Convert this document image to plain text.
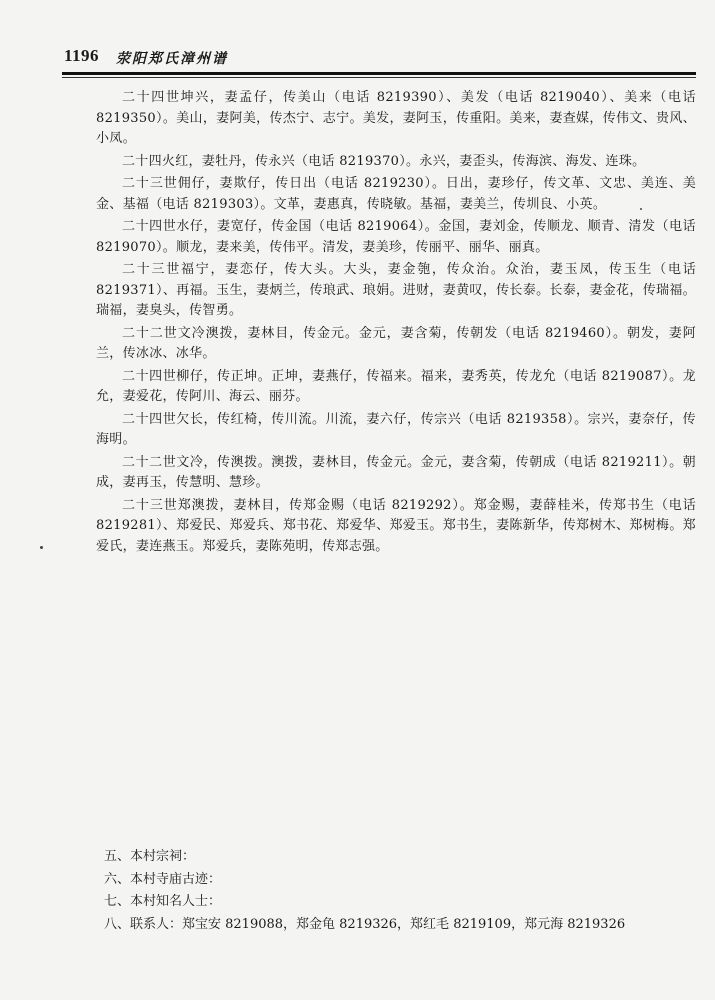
1196 荥阳郑氏漳州谱

二十四世坤兴，妻孟仔，传美山（电话 8219390）、美发（电话 8219040）、美来（电话 8219350）。美山，妻阿美，传杰宁、志宁。美发，妻阿玉，传重阳。美来，妻查媒，传伟文、贵风、小凤。

二十四火红，妻牡丹，传永兴（电话 8219370）。永兴，妻歪头，传海滨、海发、连珠。

二十三世佣仔，妻欺仔，传日出（电话 8219230）。日出，妻珍仔，传文革、文忠、美连、美金、基福（电话 8219303）。文革，妻惠真，传晓敏。基福，妻美兰，传圳良、小英。

二十四世水仔，妻宽仔，传金国（电话 8219064）。金国，妻刘金，传顺龙、顺青、清发（电话 8219070）。顺龙，妻来美，传伟平。清发，妻美珍，传丽平、丽华、丽真。

二十三世福宁，妻恋仔，传大头。大头，妻金匏，传众治。众治，妻玉凤，传玉生（电话 8219371）、再福。玉生，妻炳兰，传琅武、琅娟。进财，妻黄叹，传长泰。长泰，妻金花，传瑞福。瑞福，妻臭头，传智勇。

二十二世文冷澳拨，妻林目，传金元。金元，妻含菊，传朝发（电话 8219460）。朝发，妻阿兰，传冰冰、冰华。

二十四世柳仔，传正坤。正坤，妻燕仔，传福来。福来，妻秀英，传龙允（电话 8219087）。龙允，妻爱花，传阿川、海云、丽芬。

二十四世欠长，传红椅，传川流。川流，妻六仔，传宗兴（电话 8219358）。宗兴，妻奈仔，传海明。

二十二世文冷，传澳拨。澳拨，妻林目，传金元。金元，妻含菊，传朝成（电话 8219211）。朝成，妻再玉，传慧明、慧珍。

二十三世郑澳拨，妻林目，传郑金赐（电话 8219292）。郑金赐，妻薛桂米，传郑书生（电话 8219281）、郑爱民、郑爱兵、郑书花、郑爱华、郑爱玉。郑书生，妻陈新华，传郑树木、郑树梅。郑爱氏，妻连燕玉。郑爱兵，妻陈苑明，传郑志强。

五、本村宗祠：
六、本村寺庙古迹：
七、本村知名人士：
八、联系人：郑宝安 8219088，郑金龟 8219326，郑红毛 8219109，郑元海 8219326
